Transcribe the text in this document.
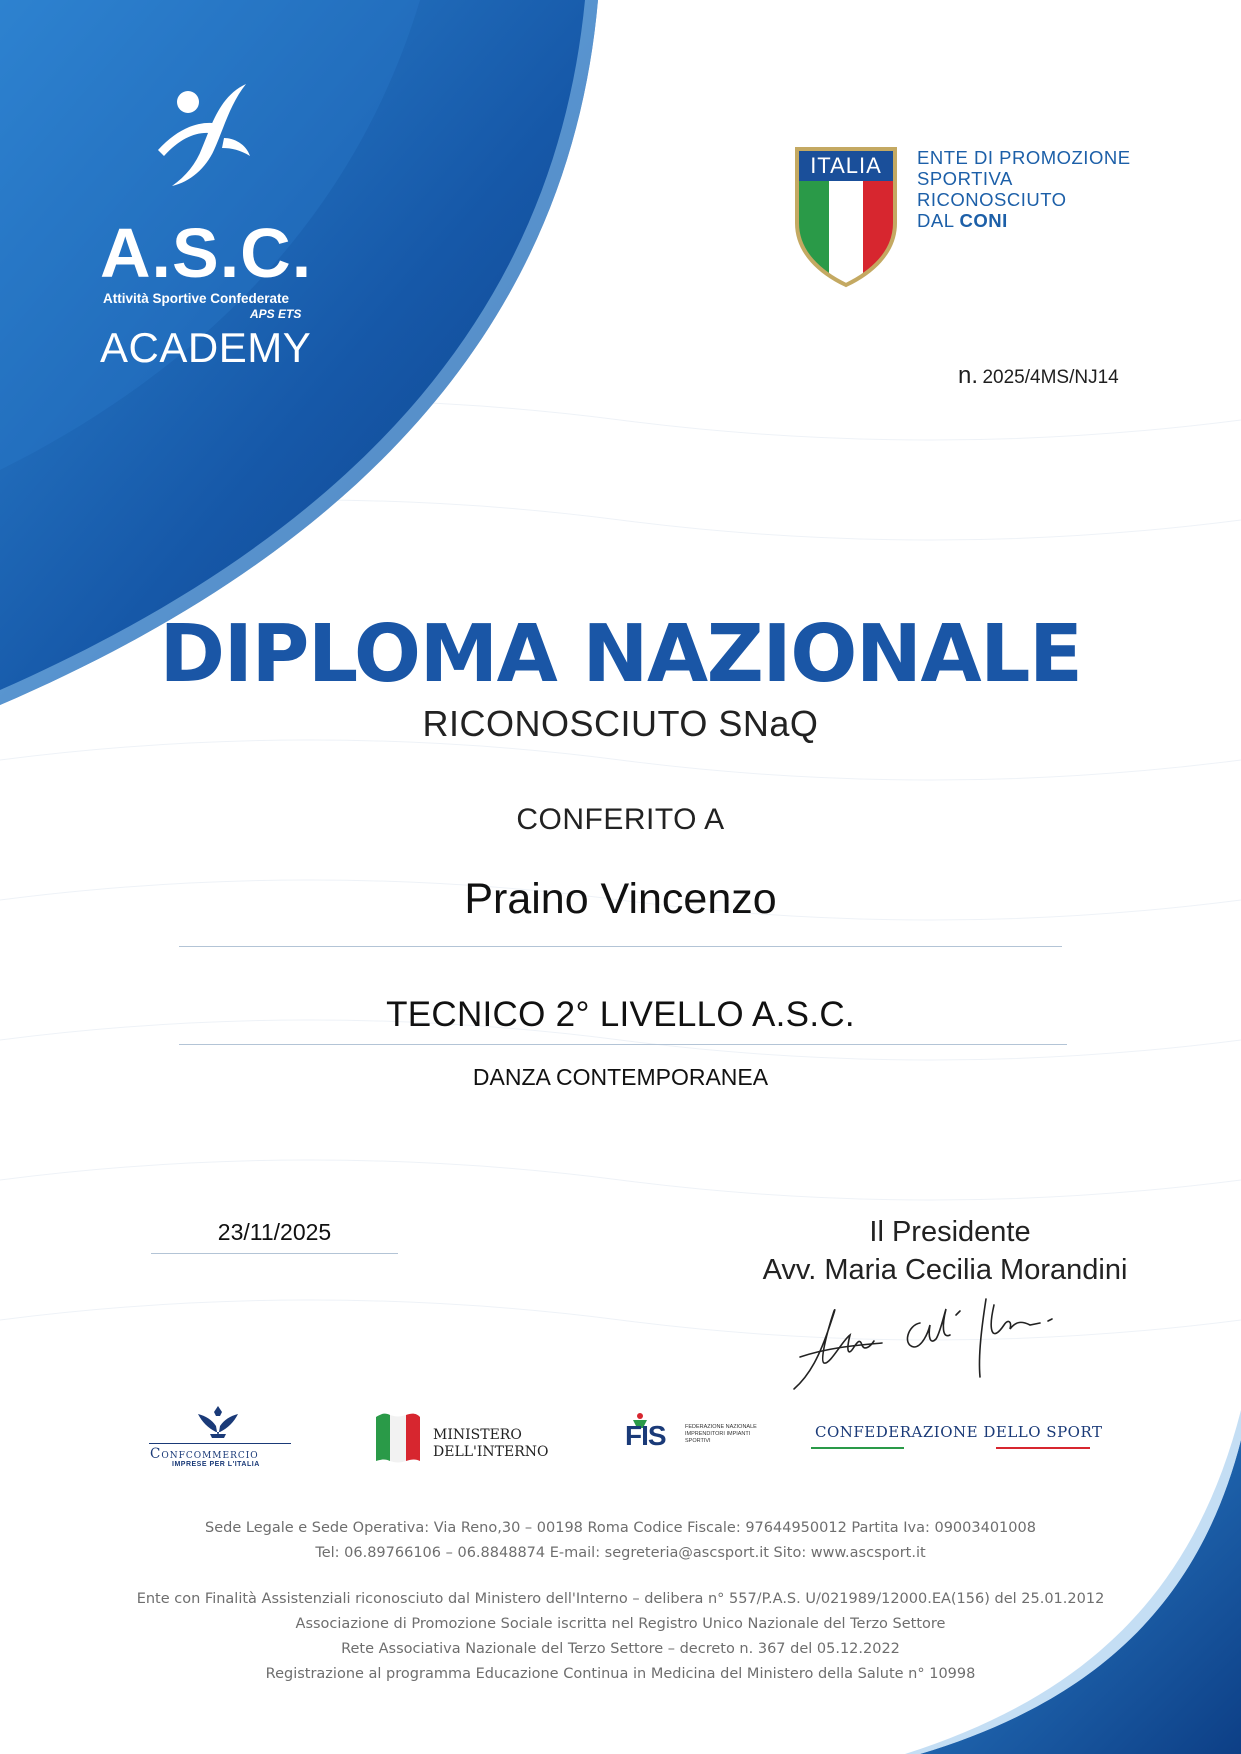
A.S.C.
Attività Sportive Confederate
APS ETS
ACADEMY
ITALIA ENTE DI PROMOZIONE
SPORTIVA
RICONOSCIUTO
DAL CONI
n. 2025/4MS/NJ14
DIPLOMA NAZIONALE
RICONOSCIUTO SNaQ
CONFERITO A
Praino Vincenzo
TECNICO 2° LIVELLO A.S.C.
DANZA CONTEMPORANEA
23/11/2025	Il Presidente
Avv. Maria Cecilia Morandini
Confcommercio
IMPRESE PER L'ITALIA
MINISTERO
DELL'INTERNO
FIS	FEDERAZIONE NAZIONALE IMPRENDITORI IMPIANTI SPORTIVI	CONFEDERAZIONE DELLO SPORT
Sede Legale e Sede Operativa: Via Reno,30 – 00198 Roma Codice Fiscale: 97644950012 Partita Iva: 09003401008
Tel: 06.89766106 – 06.8848874 E-mail: segreteria@ascsport.it Sito: www.ascsport.it
Ente con Finalità Assistenziali riconosciuto dal Ministero dell'Interno – delibera n° 557/P.A.S. U/021989/12000.EA(156) del 25.01.2012
Associazione di Promozione Sociale iscritta nel Registro Unico Nazionale del Terzo Settore
Rete Associativa Nazionale del Terzo Settore – decreto n. 367 del 05.12.2022
Registrazione al programma Educazione Continua in Medicina del Ministero della Salute n° 10998
